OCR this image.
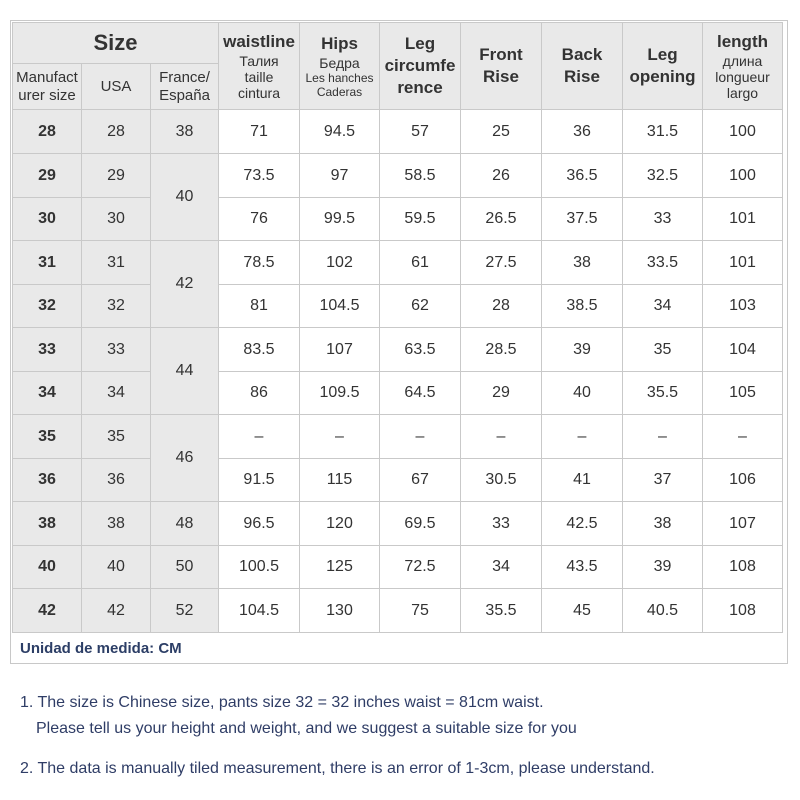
Size			waistline
Талия
taille
cintura	Hips
Бедра
Les hanches
Caderas	Leg circumfe rence	Front Rise	Back Rise	Leg opening	length
длина
longueur
largo

Manufact urer size	USA	France/ España							
28	28	38	71	94.5	57	25	36	31.5	100
29	29	40	73.5	97	58.5	26	36.5	32.5	100
30	30		76	99.5	59.5	26.5	37.5	33	101
31	31	42	78.5	102	61	27.5	38	33.5	101
32	32		81	104.5	62	28	38.5	34	103
33	33	44	83.5	107	63.5	28.5	39	35	104
34	34		86	109.5	64.5	29	40	35.5	105
35	35	46	–	–	–	–	–	–	–
36	36		91.5	115	67	30.5	41	37	106
38	38	48	96.5	120	69.5	33	42.5	38	107
40	40	50	100.5	125	72.5	34	43.5	39	108
42	42	52	104.5	130	75	35.5	45	40.5	108
Unidad de medida: CM

1. The size is Chinese size, pants size 32 = 32 inches waist = 81cm waist.

Please tell us your height and weight, and we suggest a suitable size for you

2. The data is manually tiled measurement, there is an error of 1-3cm, please understand.
